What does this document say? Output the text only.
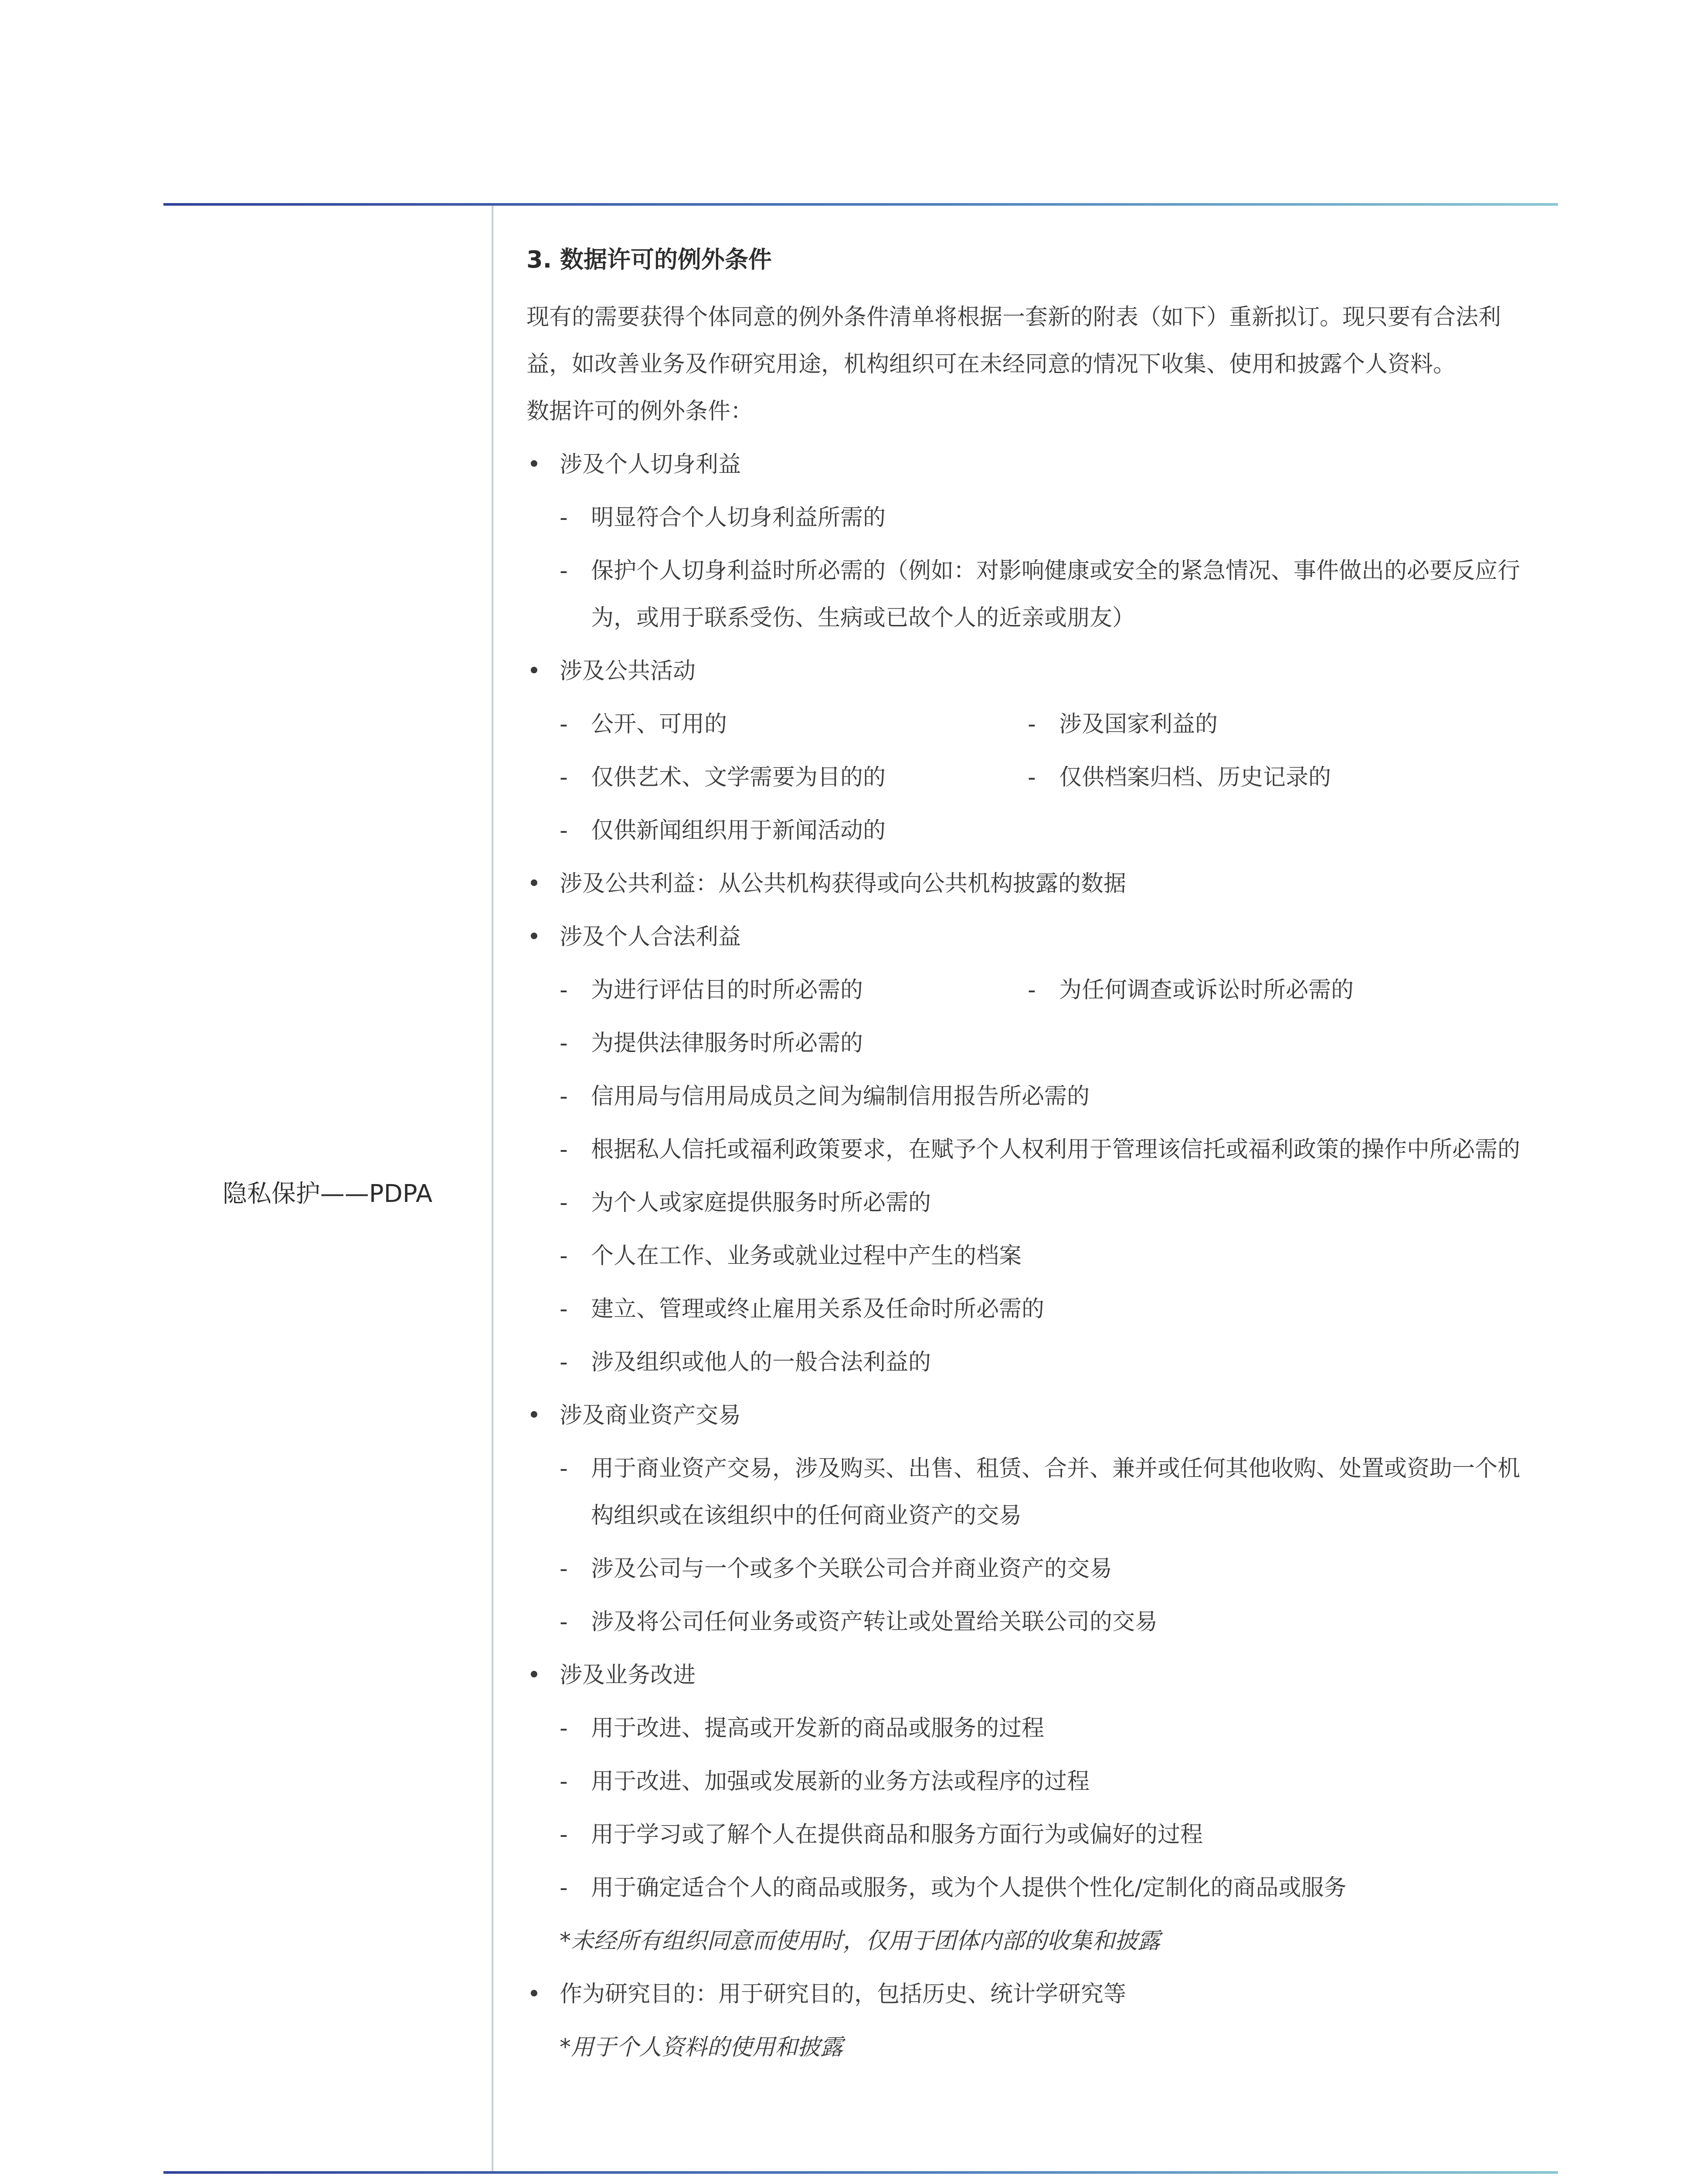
隐私保护——PDPA
3. 数据许可的例外条件

现有的需要获得个体同意的例外条件清单将根据一套新的附表（如下）重新拟订。现只要有合法利益，如改善业务及作研究用途，机构组织可在未经同意的情况下收集、使用和披露个人资料。

数据许可的例外条件：

• 涉及个人切身利益
- 明显符合个人切身利益所需的
- 保护个人切身利益时所必需的（例如：对影响健康或安全的紧急情况、事件做出的必要反应行为，或用于联系受伤、生病或已故个人的近亲或朋友）
• 涉及公共活动
- 公开、可用的	- 涉及国家利益的
- 仅供艺术、文学需要为目的的	- 仅供档案归档、历史记录的
- 仅供新闻组织用于新闻活动的
• 涉及公共利益：从公共机构获得或向公共机构披露的数据
• 涉及个人合法利益
- 为进行评估目的时所必需的	- 为任何调查或诉讼时所必需的
- 为提供法律服务时所必需的
- 信用局与信用局成员之间为编制信用报告所必需的
- 根据私人信托或福利政策要求，在赋予个人权利用于管理该信托或福利政策的操作中所必需的
- 为个人或家庭提供服务时所必需的
- 个人在工作、业务或就业过程中产生的档案
- 建立、管理或终止雇用关系及任命时所必需的
- 涉及组织或他人的一般合法利益的
• 涉及商业资产交易
- 用于商业资产交易，涉及购买、出售、租赁、合并、兼并或任何其他收购、处置或资助一个机构组织或在该组织中的任何商业资产的交易
- 涉及公司与一个或多个关联公司合并商业资产的交易
- 涉及将公司任何业务或资产转让或处置给关联公司的交易
• 涉及业务改进
- 用于改进、提高或开发新的商品或服务的过程
- 用于改进、加强或发展新的业务方法或程序的过程
- 用于学习或了解个人在提供商品和服务方面行为或偏好的过程
- 用于确定适合个人的商品或服务，或为个人提供个性化/定制化的商品或服务
*未经所有组织同意而使用时，仅用于团体内部的收集和披露
• 作为研究目的：用于研究目的，包括历史、统计学研究等
*用于个人资料的使用和披露
